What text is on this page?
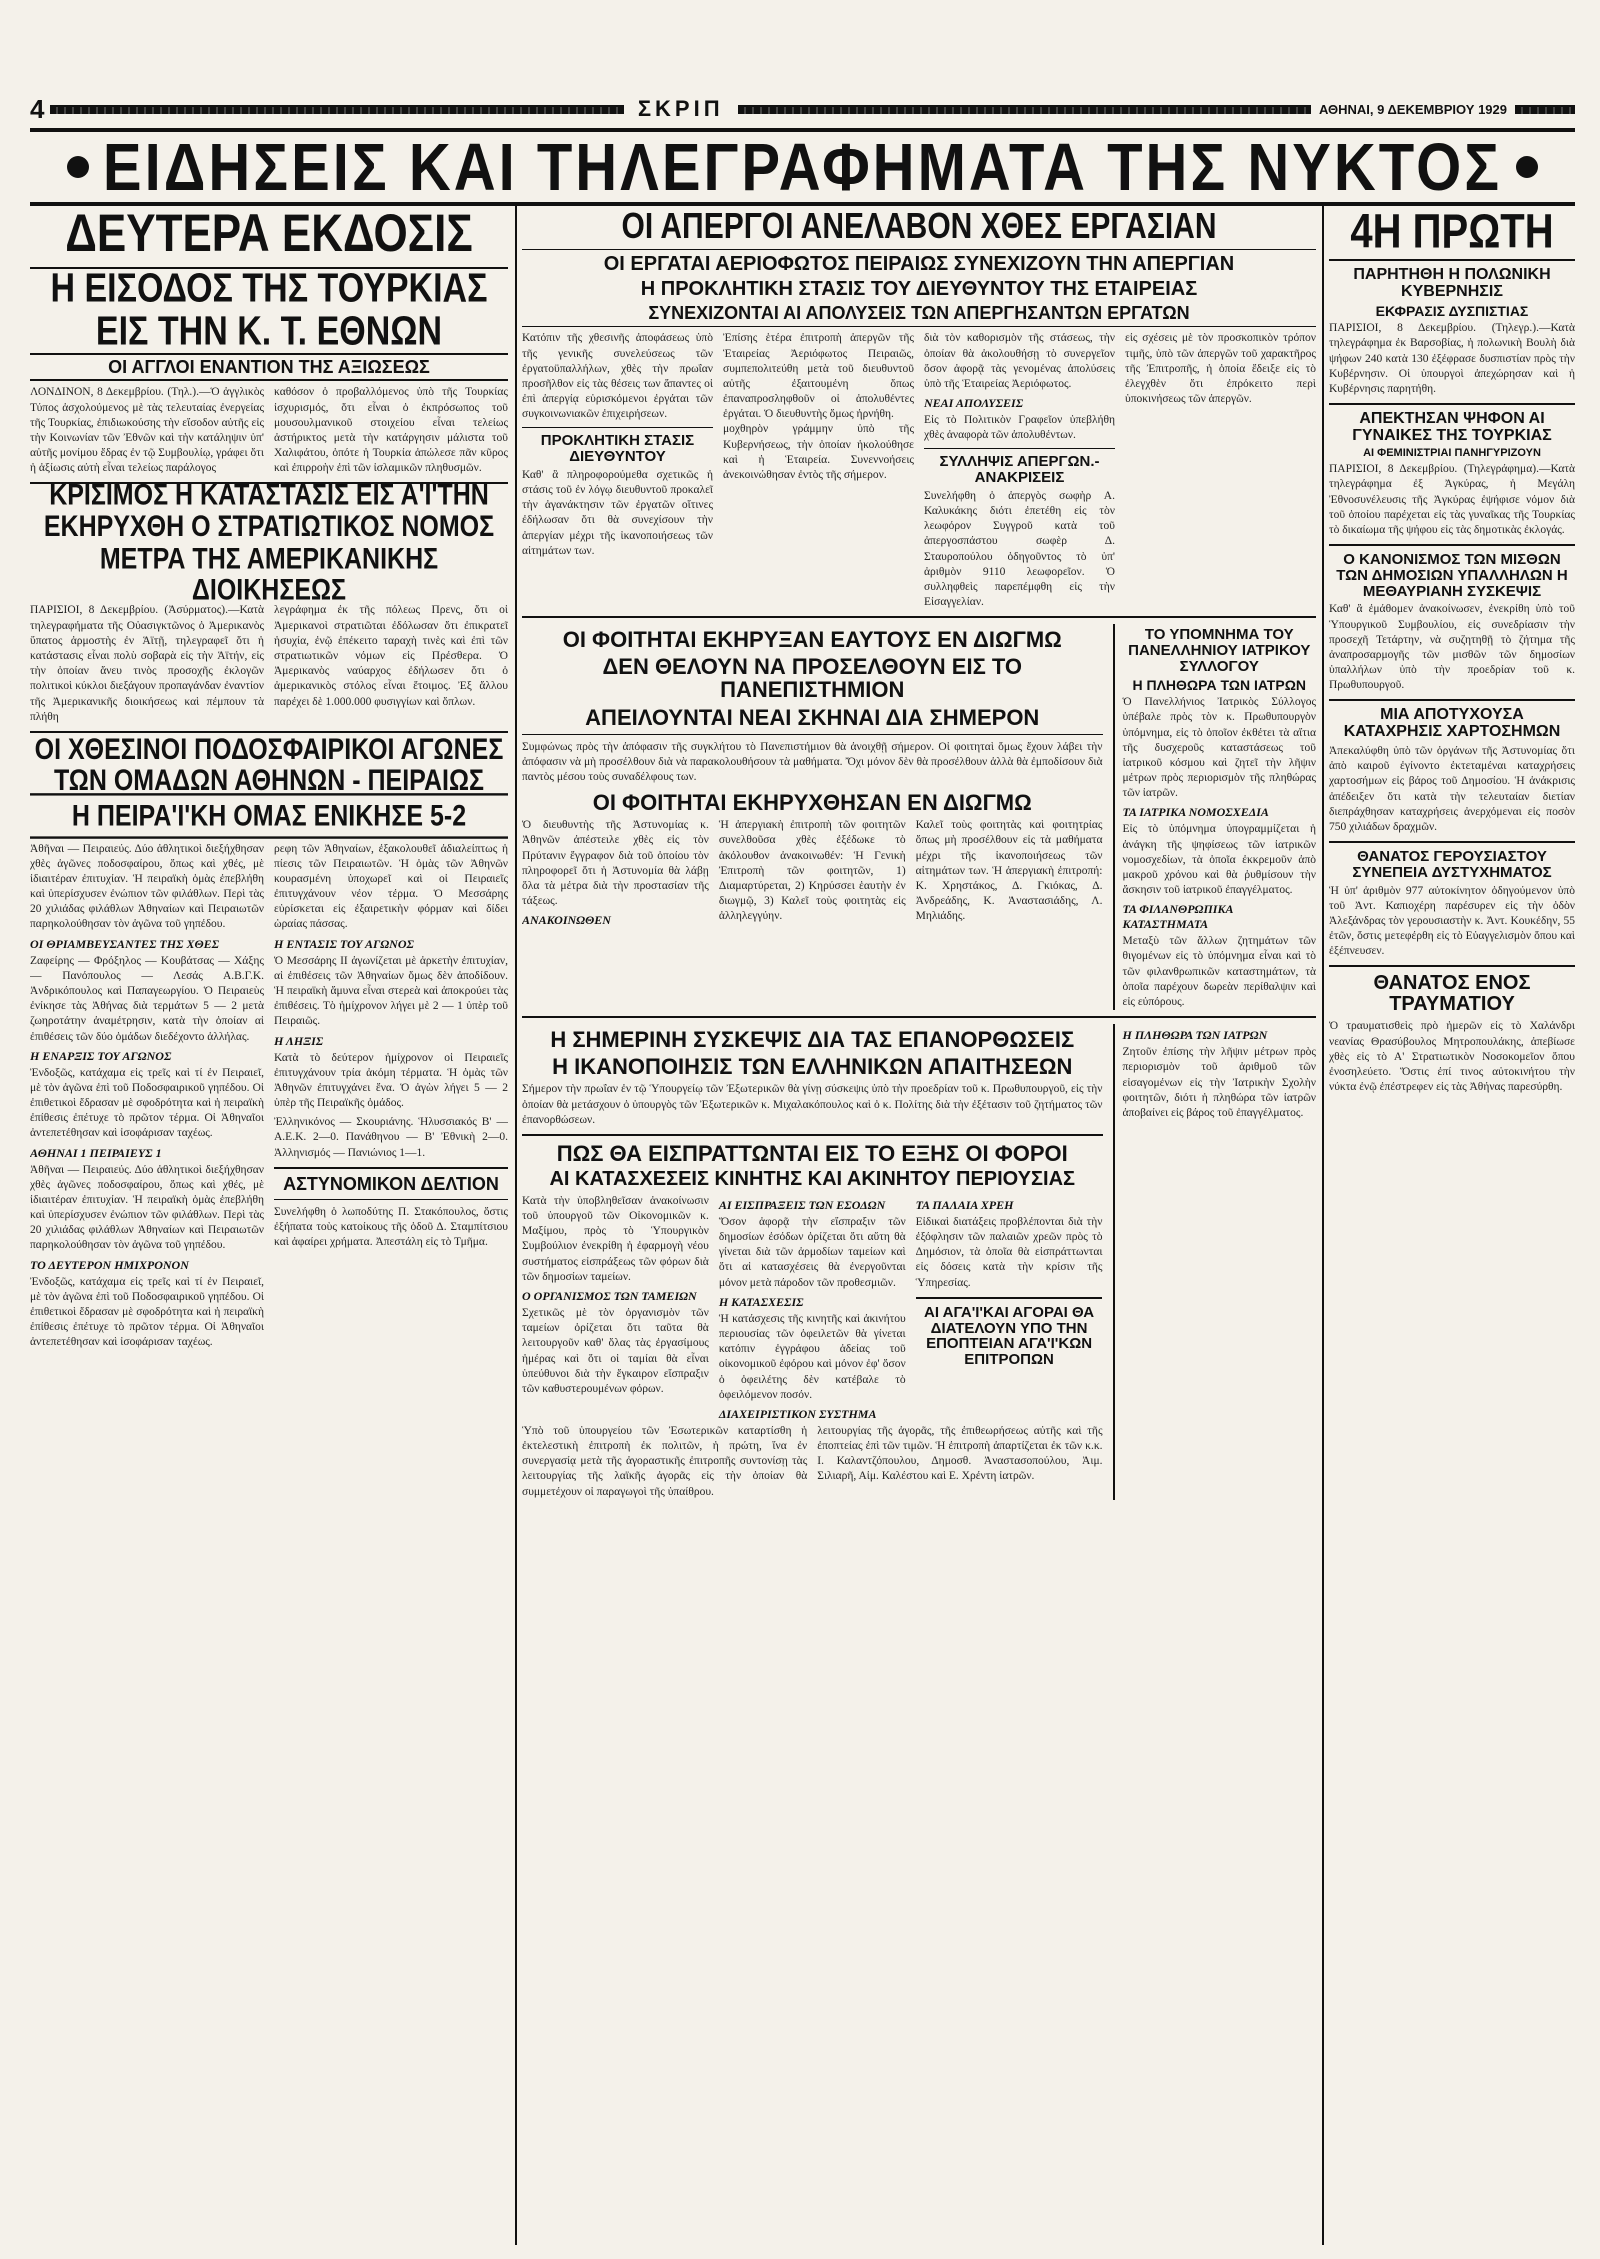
4	ΣΚΡΙΠ	ΑΘΗΝΑΙ, 9 ΔΕΚΕΜΒΡΙΟΥ 1929
ΕΙΔΗΣΕΙΣ ΚΑΙ ΤΗΛΕΓΡΑΦΗΜΑΤΑ ΤΗΣ ΝΥΚΤΟΣ
ΔΕΥΤΕΡΑ ΕΚΔΟΣΙΣ
Η ΕΙΣΟΔΟΣ ΤΗΣ ΤΟΥΡΚΙΑΣ ΕΙΣ ΤΗΝ Κ. Τ. ΕΘΝΩΝ
ΟΙ ΑΓΓΛΟΙ ΕΝΑΝΤΙΟΝ ΤΗΣ ΑΞΙΩΣΕΩΣ

ΛΟΝΔΙΝΟΝ, 8 Δεκεμβρίου. (Τηλ.).—Ὁ ἀγγλικὸς Τύπος ἀσχολούμενος μὲ τὰς τελευταίας ἐνεργείας τῆς Τουρκίας, ἐπιδιωκούσης τὴν εἴσοδον αὐτῆς εἰς τὴν Κοινωνίαν τῶν Ἐθνῶν καὶ τὴν κατάληψιν ὑπ' αὐτῆς μονίμου ἕδρας ἐν τῷ Συμβουλίῳ, γράφει ὅτι ἡ ἀξίωσις αὐτὴ εἶναι τελείως παράλογος

καθόσον ὁ προβαλλόμενος ὑπὸ τῆς Τουρκίας ἰσχυρισμός, ὅτι εἶναι ὁ ἐκπρόσωπος τοῦ μουσουλμανικοῦ στοιχείου εἶναι τελείως ἀστήρικτος μετὰ τὴν κατάργησιν μάλιστα τοῦ Χαλιφάτου, ὁπότε ἡ Τουρκία ἀπώλεσε πᾶν κῦρος καὶ ἐπιρροὴν ἐπὶ τῶν ἰσλαμικῶν πληθυσμῶν.

ΚΡΙΣΙΜΟΣ Η ΚΑΤΑΣΤΑΣΙΣ ΕΙΣ Α'Ι'ΤΗΝ ΕΚΗΡΥΧΘΗ Ο ΣΤΡΑΤΙΩΤΙΚΟΣ ΝΟΜΟΣ ΜΕΤΡΑ ΤΗΣ ΑΜΕΡΙΚΑΝΙΚΗΣ ΔΙΟΙΚΗΣΕΩΣ

ΠΑΡΙΣΙΟΙ, 8 Δεκεμβρίου. (Ἀσύρματος).—Κατὰ τηλεγραφήματα τῆς Οὐασιγκτῶνος ὁ Ἀμερικανὸς ὕπατος ἁρμοστὴς ἐν Ἁϊτῇ, τηλεγραφεῖ ὅτι ἡ κατάστασις εἶναι πολὺ σοβαρὰ εἰς τὴν Ἁϊτήν, εἰς τὴν ὁποίαν ἄνευ τινὸς προσοχῆς ἐκλογῶν πολιτικοὶ κύκλοι διεξάγουν προπαγάνδαν ἐναντίον τῆς Ἀμερικανικῆς διοικήσεως καὶ πέμπουν τὰ πλήθη

λεγράφημα ἐκ τῆς πόλεως Πρενς, ὅτι οἱ Ἀμερικανοὶ στρατιῶται ἐδόλωσαν ὅτι ἐπικρατεῖ ἡσυχία, ἐνῷ ἐπέκειτο ταραχὴ τινὲς καὶ ἐπὶ τῶν στρατιωτικῶν νόμων εἰς Πρέσθερα. Ὁ Ἀμερικανὸς ναύαρχος ἐδήλωσεν ὅτι ὁ ἀμερικανικὸς στόλος εἶναι ἕτοιμος. Ἐξ ἄλλου παρέχει δὲ 1.000.000 φυσιγγίων καὶ ὅπλων.

ΟΙ ΧΘΕΣΙΝΟΙ ΠΟΔΟΣΦΑΙΡΙΚΟΙ ΑΓΩΝΕΣ ΤΩΝ ΟΜΑΔΩΝ ΑΘΗΝΩΝ - ΠΕΙΡΑΙΩΣ
Η ΠΕΙΡΑ'Ι'ΚΗ ΟΜΑΣ ΕΝΙΚΗΣΕ 5-2

Ἀθῆναι — Πειραιεύς. Δύο ἀθλητικοὶ διεξήχθησαν χθὲς ἀγῶνες ποδοσφαίρου, ὅπως καὶ χθές, μὲ ἰδιαιτέραν ἐπιτυχίαν. Ἡ πειραϊκὴ ὁμὰς ἐπεβλήθη καὶ ὑπερίσχυσεν ἐνώπιον τῶν φιλάθλων. Περὶ τὰς 20 χιλιάδας φιλάθλων Ἀθηναίων καὶ Πειραιωτῶν παρηκολούθησαν τὸν ἀγῶνα τοῦ γηπέδου.

ΟΙ ΘΡΙΑΜΒΕΥΣΑΝΤΕΣ ΤΗΣ ΧΘΕΣ

Ζαφείρης — Φρόξηλος — Κουβάτσας — Χάξης — Πανόπουλος — Λεσάς Α.Β.Γ.Κ. Ἀνδρικόπουλος καὶ Παπαγεωργίου. Ὁ Πειραιεὺς ἐνίκησε τὰς Ἀθήνας διὰ τερμάτων 5 — 2 μετὰ ζωηροτάτην ἀναμέτρησιν, κατὰ τὴν ὁποίαν αἱ ἐπιθέσεις τῶν δύο ὁμάδων διεδέχοντο ἀλλήλας.

Η ΕΝΑΡΞΙΣ ΤΟΥ ΑΓΩΝΟΣ

Ἐνδοξῶς, κατάχαμα εἰς τρεῖς καὶ τί ἐν Πειραιεῖ, μὲ τὸν ἀγῶνα ἐπὶ τοῦ Ποδοσφαιρικοῦ γηπέδου. Οἱ ἐπιθετικοὶ ἔδρασαν μὲ σφοδρότητα καὶ ἡ πειραϊκὴ ἐπίθεσις ἐπέτυχε τὸ πρῶτον τέρμα. Οἱ Ἀθηναῖοι ἀντεπετέθησαν καὶ ἰσοφάρισαν ταχέως.

ΑΘΗΝΑΙ 1 ΠΕΙΡΑΙΕΥΣ 1

Ἀθῆναι — Πειραιεύς. Δύο ἀθλητικοὶ διεξήχθησαν χθὲς ἀγῶνες ποδοσφαίρου, ὅπως καὶ χθές, μὲ ἰδιαιτέραν ἐπιτυχίαν. Ἡ πειραϊκὴ ὁμὰς ἐπεβλήθη καὶ ὑπερίσχυσεν ἐνώπιον τῶν φιλάθλων. Περὶ τὰς 20 χιλιάδας φιλάθλων Ἀθηναίων καὶ Πειραιωτῶν παρηκολούθησαν τὸν ἀγῶνα τοῦ γηπέδου.

ΤΟ ΔΕΥΤΕΡΟΝ ΗΜΙΧΡΟΝΟΝ

Ἐνδοξῶς, κατάχαμα εἰς τρεῖς καὶ τί ἐν Πειραιεῖ, μὲ τὸν ἀγῶνα ἐπὶ τοῦ Ποδοσφαιρικοῦ γηπέδου. Οἱ ἐπιθετικοὶ ἔδρασαν μὲ σφοδρότητα καὶ ἡ πειραϊκὴ ἐπίθεσις ἐπέτυχε τὸ πρῶτον τέρμα. Οἱ Ἀθηναῖοι ἀντεπετέθησαν καὶ ἰσοφάρισαν ταχέως.

ρεφη τῶν Ἀθηναίων, ἐξακολουθεῖ ἀδιαλείπτως ἡ πίεσις τῶν Πειραιωτῶν. Ἡ ὁμὰς τῶν Ἀθηνῶν κουρασμένη ὑποχωρεῖ καὶ οἱ Πειραιεῖς ἐπιτυγχάνουν νέον τέρμα. Ὁ Μεσσάρης εὑρίσκεται εἰς ἐξαιρετικὴν φόρμαν καὶ δίδει ὡραίας πάσσας.

Η ΕΝΤΑΣΙΣ ΤΟΥ ΑΓΩΝΟΣ

Ὁ Μεσσάρης ΙΙ ἀγωνίζεται μὲ ἀρκετὴν ἐπιτυχίαν, αἱ ἐπιθέσεις τῶν Ἀθηναίων ὅμως δὲν ἀποδίδουν. Ἡ πειραϊκὴ ἄμυνα εἶναι στερεὰ καὶ ἀποκρούει τὰς ἐπιθέσεις. Τὸ ἡμίχρονον λήγει μὲ 2 — 1 ὑπὲρ τοῦ Πειραιῶς.

Η ΛΗΞΙΣ

Κατὰ τὸ δεύτερον ἡμίχρονον οἱ Πειραιεῖς ἐπιτυγχάνουν τρία ἀκόμη τέρματα. Ἡ ὁμὰς τῶν Ἀθηνῶν ἐπιτυγχάνει ἕνα. Ὁ ἀγὼν λήγει 5 — 2 ὑπὲρ τῆς Πειραϊκῆς ὁμάδος.

Ἐλληνικόνος — Σκουριάνης. Ἡλυσσιακός Β' — Α.Ε.Κ. 2—0. Πανάθηνου — Β' Ἐθνικὴ 2—0. Ἀλληνισμός — Πανιώνιος 1—1.

ΑΣΤΥΝΟΜΙΚΟΝ ΔΕΛΤΙΟΝ

Συνελήφθη ὁ λωποδύτης Π. Στακόπουλος, ὅστις ἐξήπατα τοὺς κατοίκους τῆς ὁδοῦ Δ. Σταμπίτσιου καὶ ἀφαίρει χρήματα. Ἀπεστάλη εἰς τὸ Τμῆμα.

ΟΙ ΑΠΕΡΓΟΙ ΑΝΕΛΑΒΟΝ ΧΘΕΣ ΕΡΓΑΣΙΑΝ
ΟΙ ΕΡΓΑΤΑΙ ΑΕΡΙΟΦΩΤΟΣ ΠΕΙΡΑΙΩΣ ΣΥΝΕΧΙΖΟΥΝ ΤΗΝ ΑΠΕΡΓΙΑΝ
Η ΠΡΟΚΛΗΤΙΚΗ ΣΤΑΣΙΣ ΤΟΥ ΔΙΕΥΘΥΝΤΟΥ ΤΗΣ ΕΤΑΙΡΕΙΑΣ
ΣΥΝΕΧΙΖΟΝΤΑΙ ΑΙ ΑΠΟΛΥΣΕΙΣ ΤΩΝ ΑΠΕΡΓΗΣΑΝΤΩΝ ΕΡΓΑΤΩΝ

Κατόπιν τῆς χθεσινῆς ἀποφάσεως ὑπὸ τῆς γενικῆς συνελεύσεως τῶν ἐργατοϋπαλλήλων, χθὲς τὴν πρωΐαν προσῆλθον εἰς τὰς θέσεις των ἅπαντες οἱ ἐπὶ ἀπεργίᾳ εὑρισκόμενοι ἐργάται τῶν συγκοινωνιακῶν ἐπιχειρήσεων.

ΠΡΟΚΛΗΤΙΚΗ ΣΤΑΣΙΣ ΔΙΕΥΘΥΝΤΟΥ

Καθ' ἃ πληροφορούμεθα σχετικῶς ἡ στάσις τοῦ ἐν λόγῳ διευθυντοῦ προκαλεῖ τὴν ἀγανάκτησιν τῶν ἐργατῶν οἵτινες ἐδήλωσαν ὅτι θὰ συνεχίσουν τὴν ἀπεργίαν μέχρι τῆς ἱκανοποιήσεως τῶν αἰτημάτων των.

Ἐπίσης ἑτέρα ἐπιτροπὴ ἀπεργῶν τῆς Ἑταιρείας Ἀεριόφωτος Πειραιῶς, συμπεπολιτεύθη μετὰ τοῦ διευθυντοῦ αὐτῆς ἐξαιτουμένη ὅπως ἐπαναπροσληφθοῦν οἱ ἀπολυθέντες ἐργάται. Ὁ διευθυντὴς ὅμως ἠρνήθη.

μοχθηρὸν γράμμην ὑπὸ τῆς Κυβερνήσεως, τὴν ὁποίαν ἠκολούθησε καὶ ἡ Ἑταιρεία. Συνεννοήσεις ἀνεκοινώθησαν ἐντὸς τῆς σήμερον.

διὰ τὸν καθορισμὸν τῆς στάσεως, τὴν ὁποίαν θὰ ἀκολουθήσῃ τὸ συνεργεῖον ὅσον ἀφορᾷ τὰς γενομένας ἀπολύσεις ὑπὸ τῆς Ἑταιρείας Ἀεριόφωτος.

ΝΕΑΙ ΑΠΟΛΥΣΕΙΣ

Εἰς τὸ Πολιτικὸν Γραφεῖον ὑπεβλήθη χθὲς ἀναφορὰ τῶν ἀπολυθέντων.

ΣΥΛΛΗΨΙΣ ΑΠΕΡΓΩΝ.- ΑΝΑΚΡΙΣΕΙΣ

Συνελήφθη ὁ ἀπεργὸς σωφὴρ Α. Καλυκάκης διότι ἐπετέθη εἰς τὸν λεωφόρον Συγγροῦ κατὰ τοῦ ἀπεργοσπάστου σωφὲρ Δ. Σταυροπούλου ὁδηγοῦντος τὸ ὑπ' ἀριθμὸν 9110 λεωφορεῖον. Ὁ συλληφθεὶς παρεπέμφθη εἰς τὴν Εἰσαγγελίαν.

εἰς σχέσεις μὲ τὸν προσκοπικὸν τρόπον τιμῆς, ὑπὸ τῶν ἀπεργῶν τοῦ χαρακτῆρος τῆς Ἐπιτροπῆς, ἡ ὁποία ἔδειξε εἰς τὸ ἐλεγχθὲν ὅτι ἐπρόκειτο περὶ ὑποκινήσεως τῶν ἀπεργῶν.

ΟΙ ΦΟΙΤΗΤΑΙ ΕΚΗΡΥΞΑΝ ΕΑΥΤΟΥΣ ΕΝ ΔΙΩΓΜΩ
ΔΕΝ ΘΕΛΟΥΝ ΝΑ ΠΡΟΣΕΛΘΟΥΝ ΕΙΣ ΤΟ ΠΑΝΕΠΙΣΤΗΜΙΟΝ
ΑΠΕΙΛΟΥΝΤΑΙ ΝΕΑΙ ΣΚΗΝΑΙ ΔΙΑ ΣΗΜΕΡΟΝ

Συμφώνως πρὸς τὴν ἀπόφασιν τῆς συγκλήτου τὸ Πανεπιστήμιον θὰ ἀνοιχθῇ σήμερον. Οἱ φοιτηταὶ ὅμως ἔχουν λάβει τὴν ἀπόφασιν νὰ μὴ προσέλθουν διὰ νὰ παρακολουθήσουν τὰ μαθήματα. Ὄχι μόνον δὲν θὰ προσέλθουν ἀλλὰ θὰ ἐμποδίσουν διὰ παντὸς μέσου τοὺς συναδέλφους των.

ΟΙ ΦΟΙΤΗΤΑΙ ΕΚΗΡΥΧΘΗΣΑΝ ΕΝ ΔΙΩΓΜΩ

Ὁ διευθυντὴς τῆς Ἀστυνομίας κ. Ἀθηνῶν ἀπέστειλε χθὲς εἰς τὸν Πρύτανιν ἔγγραφον διὰ τοῦ ὁποίου τὸν πληροφορεῖ ὅτι ἡ Ἀστυνομία θὰ λάβῃ ὅλα τὰ μέτρα διὰ τὴν προστασίαν τῆς τάξεως.

ΑΝΑΚΟΙΝΩΘΕΝ

Ἡ ἀπεργιακὴ ἐπιτροπὴ τῶν φοιτητῶν συνελθοῦσα χθὲς ἐξέδωκε τὸ ἀκόλουθον ἀνακοινωθέν: Ἡ Γενικὴ Ἐπιτροπὴ τῶν φοιτητῶν, 1) Διαμαρτύρεται, 2) Κηρύσσει ἑαυτὴν ἐν διωγμῷ, 3) Καλεῖ τοὺς φοιτητὰς εἰς ἀλληλεγγύην.

Καλεῖ τοὺς φοιτητὰς καὶ φοιτητρίας ὅπως μὴ προσέλθουν εἰς τὰ μαθήματα μέχρι τῆς ἱκανοποιήσεως τῶν αἰτημάτων των. Ἡ ἀπεργιακὴ ἐπιτροπή: Κ. Χρηστάκος, Δ. Γκιόκας, Δ. Ἀνδρεάδης, Κ. Ἀναστασιάδης, Λ. Μηλιάδης.

ΤΟ ΥΠΟΜΝΗΜΑ ΤΟΥ ΠΑΝΕΛΛΗΝΙΟΥ ΙΑΤΡΙΚΟΥ ΣΥΛΛΟΓΟΥ
Η ΠΛΗΘΩΡΑ ΤΩΝ ΙΑΤΡΩΝ

Ὁ Πανελλήνιος Ἰατρικὸς Σύλλογος ὑπέβαλε πρὸς τὸν κ. Πρωθυπουργὸν ὑπόμνημα, εἰς τὸ ὁποῖον ἐκθέτει τὰ αἴτια τῆς δυσχεροῦς καταστάσεως τοῦ ἰατρικοῦ κόσμου καὶ ζητεῖ τὴν λῆψιν μέτρων πρὸς περιορισμὸν τῆς πληθώρας τῶν ἰατρῶν.

ΤΑ ΙΑΤΡΙΚΑ ΝΟΜΟΣΧΕΔΙΑ

Εἰς τὸ ὑπόμνημα ὑπογραμμίζεται ἡ ἀνάγκη τῆς ψηφίσεως τῶν ἰατρικῶν νομοσχεδίων, τὰ ὁποῖα ἐκκρεμοῦν ἀπὸ μακροῦ χρόνου καὶ θὰ ῥυθμίσουν τὴν ἄσκησιν τοῦ ἰατρικοῦ ἐπαγγέλματος.

ΤΑ ΦΙΛΑΝΘΡΩΠΙΚΑ ΚΑΤΑΣΤΗΜΑΤΑ

Μεταξὺ τῶν ἄλλων ζητημάτων τῶν θιγομένων εἰς τὸ ὑπόμνημα εἶναι καὶ τὸ τῶν φιλανθρωπικῶν καταστημάτων, τὰ ὁποῖα παρέχουν δωρεὰν περίθαλψιν καὶ εἰς εὐπόρους.

Η ΣΗΜΕΡΙΝΗ ΣΥΣΚΕΨΙΣ ΔΙΑ ΤΑΣ ΕΠΑΝΟΡΘΩΣΕΙΣ
Η ΙΚΑΝΟΠΟΙΗΣΙΣ ΤΩΝ ΕΛΛΗΝΙΚΩΝ ΑΠΑΙΤΗΣΕΩΝ

Σήμερον τὴν πρωΐαν ἐν τῷ Ὑπουργείῳ τῶν Ἐξωτερικῶν θὰ γίνῃ σύσκεψις ὑπὸ τὴν προεδρίαν τοῦ κ. Πρωθυπουργοῦ, εἰς τὴν ὁποίαν θὰ μετάσχουν ὁ ὑπουργὸς τῶν Ἐξωτερικῶν κ. Μιχαλακόπουλος καὶ ὁ κ. Πολίτης διὰ τὴν ἐξέτασιν τοῦ ζητήματος τῶν ἐπανορθώσεων.

ΠΩΣ ΘΑ ΕΙΣΠΡΑΤΤΩΝΤΑΙ ΕΙΣ ΤΟ ΕΞΗΣ ΟΙ ΦΟΡΟΙ
ΑΙ ΚΑΤΑΣΧΕΣΕΙΣ ΚΙΝΗΤΗΣ ΚΑΙ ΑΚΙΝΗΤΟΥ ΠΕΡΙΟΥΣΙΑΣ

Κατὰ τὴν ὑποβληθεῖσαν ἀνακοίνωσιν τοῦ ὑπουργοῦ τῶν Οἰκονομικῶν κ. Μαξίμου, πρὸς τὸ Ὑπουργικὸν Συμβούλιον ἐνεκρίθη ἡ ἐφαρμογὴ νέου συστήματος εἰσπράξεως τῶν φόρων διὰ τῶν δημοσίων ταμείων.

Ο ΟΡΓΑΝΙΣΜΟΣ ΤΩΝ ΤΑΜΕΙΩΝ

Σχετικῶς μὲ τὸν ὀργανισμὸν τῶν ταμείων ὁρίζεται ὅτι ταῦτα θὰ λειτουργοῦν καθ' ὅλας τὰς ἐργασίμους ἡμέρας καὶ ὅτι οἱ ταμίαι θὰ εἶναι ὑπεύθυνοι διὰ τὴν ἔγκαιρον εἴσπραξιν τῶν καθυστερουμένων φόρων.

ΑΙ ΕΙΣΠΡΑΞΕΙΣ ΤΩΝ ΕΣΟΔΩΝ

Ὅσον ἀφορᾷ τὴν εἴσπραξιν τῶν δημοσίων ἐσόδων ὁρίζεται ὅτι αὕτη θὰ γίνεται διὰ τῶν ἀρμοδίων ταμείων καὶ ὅτι αἱ κατασχέσεις θὰ ἐνεργοῦνται μόνον μετὰ πάροδον τῶν προθεσμιῶν.

Η ΚΑΤΑΣΧΕΣΙΣ

Ἡ κατάσχεσις τῆς κινητῆς καὶ ἀκινήτου περιουσίας τῶν ὀφειλετῶν θὰ γίνεται κατόπιν ἐγγράφου ἀδείας τοῦ οἰκονομικοῦ ἐφόρου καὶ μόνον ἐφ' ὅσον ὁ ὀφειλέτης δὲν κατέβαλε τὸ ὀφειλόμενον ποσόν.

ΔΙΑΧΕΙΡΙΣΤΙΚΟΝ ΣΥΣΤΗΜΑ
ΤΑ ΠΑΛΑΙΑ ΧΡΕΗ

Εἰδικαὶ διατάξεις προβλέπονται διὰ τὴν ἐξόφλησιν τῶν παλαιῶν χρεῶν πρὸς τὸ Δημόσιον, τὰ ὁποῖα θὰ εἰσπράττωνται εἰς δόσεις κατὰ τὴν κρίσιν τῆς Ὑπηρεσίας.

ΑΙ ΑΓΑ'Ι'ΚΑΙ ΑΓΟΡΑΙ ΘΑ ΔΙΑΤΕΛΟΥΝ ΥΠΟ ΤΗΝ ΕΠΟΠΤΕΙΑΝ ΑΓΑ'Ι'ΚΩΝ ΕΠΙΤΡΟΠΩΝ

Ὑπὸ τοῦ ὑπουργείου τῶν Ἐσωτερικῶν καταρτίσθη ἡ ἐκτελεστικὴ ἐπιτροπὴ ἐκ πολιτῶν, ἡ πρώτη, ἵνα ἐν συνεργασίᾳ μετὰ τῆς ἀγοραστικῆς ἐπιτροπῆς συντονίσῃ τὰς λειτουργίας τῆς λαϊκῆς ἀγορᾶς εἰς τὴν ὁποίαν θὰ συμμετέχουν οἱ παραγωγοὶ τῆς ὑπαίθρου.

λειτουργίας τῆς ἀγορᾶς, τῆς ἐπιθεωρήσεως αὐτῆς καὶ τῆς ἐποπτείας ἐπὶ τῶν τιμῶν. Ἡ ἐπιτροπὴ ἀπαρτίζεται ἐκ τῶν κ.κ. Ι. Καλαντζόπουλου, Δημοσθ. Ἀναστασοπούλου, Ἀιμ. Σιλιαρῆ, Αἰμ. Καλέστου καὶ Ε. Χρέντη ἰατρῶν.

Η ΠΛΗΘΩΡΑ ΤΩΝ ΙΑΤΡΩΝ

Ζητοῦν ἐπίσης τὴν λῆψιν μέτρων πρὸς περιορισμὸν τοῦ ἀριθμοῦ τῶν εἰσαγομένων εἰς τὴν Ἰατρικὴν Σχολὴν φοιτητῶν, διότι ἡ πληθώρα τῶν ἰατρῶν ἀποβαίνει εἰς βάρος τοῦ ἐπαγγέλματος.

4Η ΠΡΩΤΗ
ΠΑΡΗΤΗΘΗ Η ΠΟΛΩΝΙΚΗ ΚΥΒΕΡΝΗΣΙΣ
ΕΚΦΡΑΣΙΣ ΔΥΣΠΙΣΤΙΑΣ

ΠΑΡΙΣΙΟΙ, 8 Δεκεμβρίου. (Τηλεγρ.).—Κατὰ τηλεγράφημα ἐκ Βαρσοβίας, ἡ πολωνικὴ Βουλὴ διὰ ψήφων 240 κατὰ 130 ἐξέφρασε δυσπιστίαν πρὸς τὴν Κυβέρνησιν. Οἱ ὑπουργοὶ ἀπεχώρησαν καὶ ἡ Κυβέρνησις παρητήθη.

ΑΠΕΚΤΗΣΑΝ ΨΗΦΟΝ ΑΙ ΓΥΝΑΙΚΕΣ ΤΗΣ ΤΟΥΡΚΙΑΣ
ΑΙ ΦΕΜΙΝΙΣΤΡΙΑΙ ΠΑΝΗΓΥΡΙΖΟΥΝ

ΠΑΡΙΣΙΟΙ, 8 Δεκεμβρίου. (Τηλεγράφημα).—Κατὰ τηλεγράφημα ἐξ Ἀγκύρας, ἡ Μεγάλη Ἐθνοσυνέλευσις τῆς Ἀγκύρας ἐψήφισε νόμον διὰ τοῦ ὁποίου παρέχεται εἰς τὰς γυναῖκας τῆς Τουρκίας τὸ δικαίωμα τῆς ψήφου εἰς τὰς δημοτικὰς ἐκλογάς.

Ο ΚΑΝΟΝΙΣΜΟΣ ΤΩΝ ΜΙΣΘΩΝ ΤΩΝ ΔΗΜΟΣΙΩΝ ΥΠΑΛΛΗΛΩΝ Η ΜΕΘΑΥΡΙΑΝΗ ΣΥΣΚΕΨΙΣ

Καθ' ἃ ἐμάθομεν ἀνακοίνωσεν, ἐνεκρίθη ὑπὸ τοῦ Ὑπουργικοῦ Συμβουλίου, εἰς συνεδρίασιν τὴν προσεχῆ Τετάρτην, νὰ συζητηθῇ τὸ ζήτημα τῆς ἀναπροσαρμογῆς τῶν μισθῶν τῶν δημοσίων ὑπαλλήλων ὑπὸ τὴν προεδρίαν τοῦ κ. Πρωθυπουργοῦ.

ΜΙΑ ΑΠΟΤΥΧΟΥΣΑ ΚΑΤΑΧΡΗΣΙΣ ΧΑΡΤΟΣΗΜΩΝ

Ἀπεκαλύφθη ὑπὸ τῶν ὀργάνων τῆς Ἀστυνομίας ὅτι ἀπὸ καιροῦ ἐγίνοντο ἐκτεταμέναι καταχρήσεις χαρτοσήμων εἰς βάρος τοῦ Δημοσίου. Ἡ ἀνάκρισις ἀπέδειξεν ὅτι κατὰ τὴν τελευταίαν διετίαν διεπράχθησαν καταχρήσεις ἀνερχόμεναι εἰς ποσὸν 750 χιλιάδων δραχμῶν.

ΘΑΝΑΤΟΣ ΓΕΡΟΥΣΙΑΣΤΟΥ ΣΥΝΕΠΕΙΑ ΔΥΣΤΥΧΗΜΑΤΟΣ

Ἡ ὑπ' ἀριθμὸν 977 αὐτοκίνητον ὁδηγούμενον ὑπὸ τοῦ Ἀντ. Καπιοχέρη παρέσυρεν εἰς τὴν ὁδὸν Ἀλεξάνδρας τὸν γερουσιαστὴν κ. Ἀντ. Κουκέδην, 55 ἐτῶν, ὅστις μετεφέρθη εἰς τὸ Εὐαγγελισμὸν ὅπου καὶ ἐξέπνευσεν.

ΘΑΝΑΤΟΣ ΕΝΟΣ ΤΡΑΥΜΑΤΙΟΥ

Ὁ τραυματισθεὶς πρὸ ἡμερῶν εἰς τὸ Χαλάνδρι νεανίας Θρασύβουλος Μητροπουλάκης, ἀπεβίωσε χθὲς εἰς τὸ Α' Στρατιωτικὸν Νοσοκομεῖον ὅπου ἐνοσηλεύετο. Ὅστις ἐπί τινος αὐτοκινήτου τὴν νύκτα ἐνῷ ἐπέστρεφεν εἰς τὰς Ἀθήνας παρεσύρθη.
